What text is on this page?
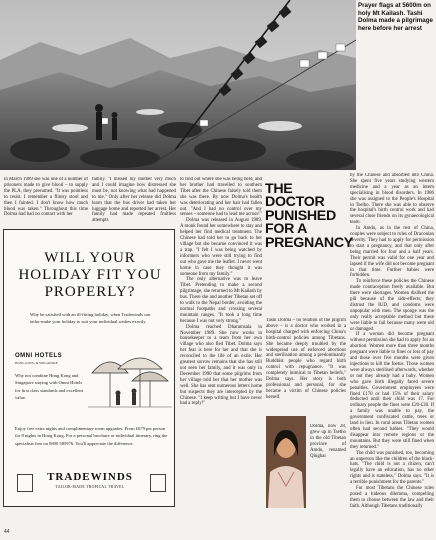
Prayer flags at 5600m on holy Mt Kailash. Tashi Dolma made a pilgrimage here before her arrest

in March 1989 she was one of a number of prisoners made to give blood – to supply the PLA, they presumed. "It was pointless to resist. I remember a flimsy stool and then I fainted. I don't know how much blood was taken." Throughout this time Dolma had had no contact with her

family. "I missed my mother very much and I could imagine how distressed she must be, not knowing what had happened to me." Only after her release did Dolma learn that the bus driver had taken her luggage home and reported her arrest. Her family had made repeated fruitless attempts

to find out where she was being held, and her brother had travelled to southern Tibet after the Chinese falsely told them she was there. By now Dolma's health was deteriorating and her hair had fallen out. "And I had no control over my senses – someone had to lead me across!"

Dolma was released in August 1989. A monk found her somewhere to stay and helped her find medical treatment. The Chinese had told her to go back to her village but she became convinced it was a trap. "I felt I was being watched by informers who were still trying to find out who gave me the leaflet. I never went home in case they thought it was someone from my family."

The only alternative was to leave Tibet. Pretending to make a second pilgrimage, she returned to Mt Kailash by bus. There she and another Tibetan set off to walk to the Nepal border, avoiding the normal footpaths and crossing several mountain ranges. "It took a long time because I was not very strong."

Dolma reached Dharamsala in November 1989. She now works in housekeeper to a team from her own village who also fled Tibet. Dolma says her fear is here for her and that she is reconciled to the life of an exile. Her greatest sorrow remains that she has still not seen her family, and it was only in December 1990 that some pilgrims from her village told her that her mother was well. She has sent numerous letters home but suspects they are intercepted by the Chinese. "I keep writing but I have never had a reply!"

THE DOCTOR
PUNISHED
FOR A
PREGNANCY

Tashi Dolma – no relation of the pilgrim above – is a doctor who worked in a hospital charged with enforcing China's birth-control policies among Tibetans. She became deeply troubled by the widespread use of enforced abortions and sterilisation among a predominantly Buddhist people who regard birth control with repugnance. "It was completely inimical to Tibetan beliefs," Dolma says. Her story is both professional and personal, for she became a victim of Chinese policies herself.

Dolma, now 28, grew up in Tsetho in the old Tibetan province of Amdo, renamed Qinghai

by the Chinese and absorbed into China. She spent five years studying western medicine and a year as an intern specialising in blood disorders. In 1986 she was assigned to the People's Hospital in Tselho. There she was able to observe the hospital's birth control work and had several close friends on its gynaecological team.

In Amdo, as in the rest of China, couples were subject to rules of Draconian severity. They had to apply for permission to start a pregnancy, and that only after being married for four and a half years. Their permit was valid for one year and lapsed if the wife did not become pregnant in that time. Further babies were forbidden.

To reinforce these policies the Chinese made contraception freely available. But there were shortages. Women disliked the pill because of the side-effects; they distrust the IUD, and condoms were unpopular with men. The sponge was the only really acceptable method but these were liable to fail because many were old or damaged.

If a woman did become pregnant without permission she had to apply for an abortion. Women more than three months pregnant were liable to fines or loss of pay and those over five months were given injections to kill the foetus. Those women were always sterilised afterwards, whether or not they already had a baby. Women who gave birth illegally faced severe penalties. Government employees were fined £170 or had 15% of their salary deducted until their child was 17. For ordinary people the fines were £20-£30. If a family was unable to pay, the government confiscated cattle, trees or land in lieu. In rural areas Tibetan women often had second babies. "They would disappear into remote regions or the mountains. But they were still fined when they returned."

The child was punished, too, becoming an unperson like the children of the black-hats. "The child is not a citizen, can't legally have an education, has no other rights and is stateless," Dolma says. "It is a terrible punishment for the parents."

For most Tibetans the Chinese rules posed a hideous dilemma, compelling them to choose between the law and their faith. Although Tibetans traditionally

WILL YOUR
HOLIDAY FIT YOU
PROPERLY?

Why be satisfied with an ill-fitting holiday, when Tradewinds can tailor-make your holiday to suit your individual wishes exactly.

OMNI HOTELS

HONG KONG & SINGAPORE

Why not combine Hong Kong and Singapore staying with Omni Hotels for first class standards and excellent value.

Enjoy free extra nights and complimentary room upgrades. From £679 per person for 8 nights in Hong Kong. For a personal brochure or individual itinerary, ring the specialists free on 0800 585976. You'll appreciate the difference.

TRADEWINDS

TAILOR-MADE TROPICAL TRAVEL

44
